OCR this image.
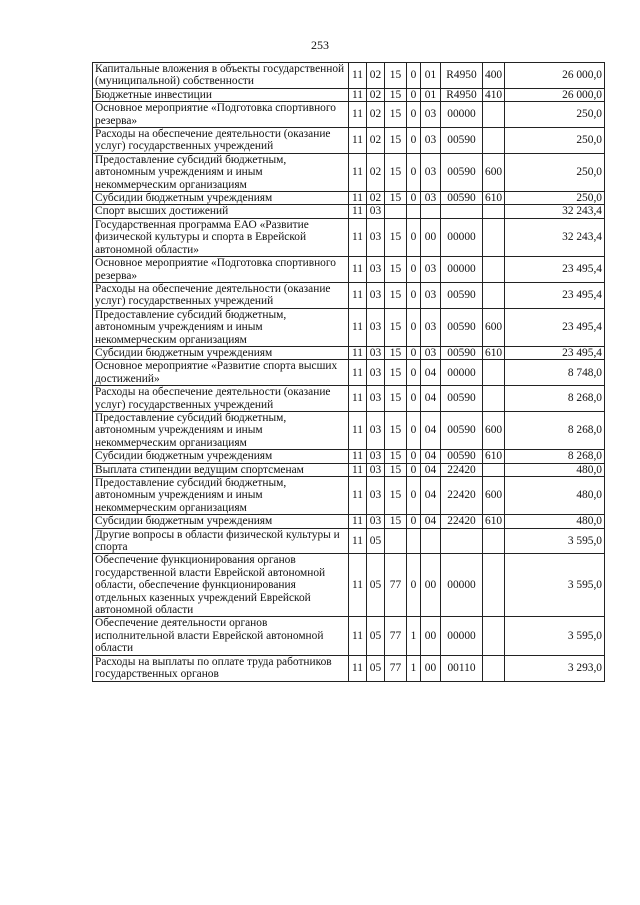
253
Капитальные вложения в объекты государственной (муниципальной) собственности	11	02	15	0	01	R4950	400	26 000,0
Бюджетные инвестиции	11	02	15	0	01	R4950	410	26 000,0
Основное мероприятие «Подготовка спортивного резерва»	11	02	15	0	03	00000		250,0
Расходы на обеспечение деятельности (оказание услуг) государственных учреждений	11	02	15	0	03	00590		250,0
Предоставление субсидий бюджетным, автономным учреждениям и иным некоммерческим организациям	11	02	15	0	03	00590	600	250,0
Субсидии бюджетным учреждениям	11	02	15	0	03	00590	610	250,0
Спорт высших достижений	11	03						32 243,4
Государственная программа ЕАО «Развитие физической культуры и спорта в Еврейской автономной области»	11	03	15	0	00	00000		32 243,4
Основное мероприятие «Подготовка спортивного резерва»	11	03	15	0	03	00000		23 495,4
Расходы на обеспечение деятельности (оказание услуг) государственных учреждений	11	03	15	0	03	00590		23 495,4
Предоставление субсидий бюджетным, автономным учреждениям и иным некоммерческим организациям	11	03	15	0	03	00590	600	23 495,4
Субсидии бюджетным учреждениям	11	03	15	0	03	00590	610	23 495,4
Основное мероприятие «Развитие спорта высших достижений»	11	03	15	0	04	00000		8 748,0
Расходы на обеспечение деятельности (оказание услуг) государственных учреждений	11	03	15	0	04	00590		8 268,0
Предоставление субсидий бюджетным, автономным учреждениям и иным некоммерческим организациям	11	03	15	0	04	00590	600	8 268,0
Субсидии бюджетным учреждениям	11	03	15	0	04	00590	610	8 268,0
Выплата стипендии ведущим спортсменам	11	03	15	0	04	22420		480,0
Предоставление субсидий бюджетным, автономным учреждениям и иным некоммерческим организациям	11	03	15	0	04	22420	600	480,0
Субсидии бюджетным учреждениям	11	03	15	0	04	22420	610	480,0
Другие вопросы в области физической культуры и спорта	11	05						3 595,0
Обеспечение функционирования органов государственной власти Еврейской автономной области, обеспечение функционирования отдельных казенных учреждений Еврейской автономной области	11	05	77	0	00	00000		3 595,0
Обеспечение деятельности органов исполнительной власти Еврейской автономной области	11	05	77	1	00	00000		3 595,0
Расходы на выплаты по оплате труда работников государственных органов	11	05	77	1	00	00110		3 293,0
